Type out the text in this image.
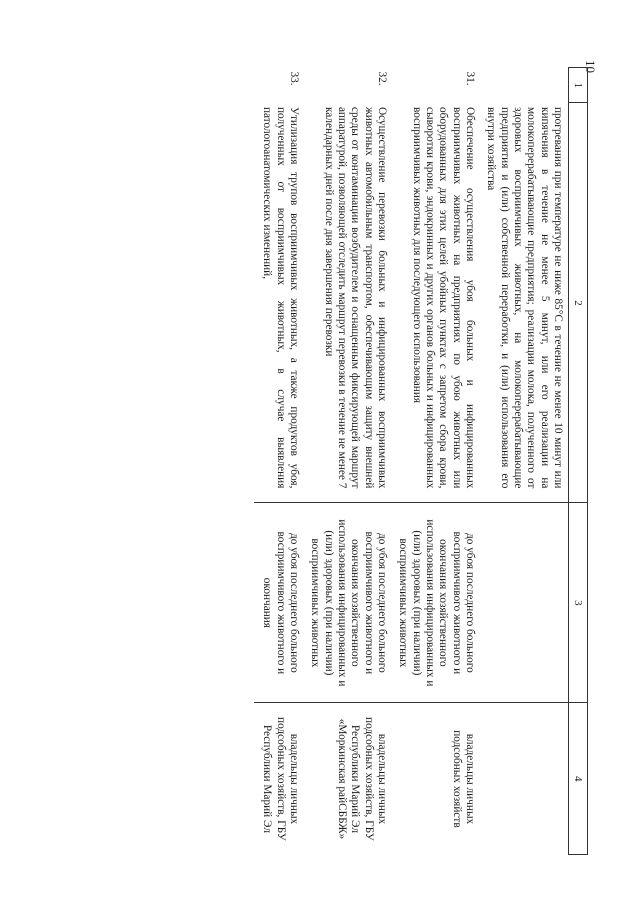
10
1	2	3	4
	прогревания при температуре не ниже 85°С в течение не менее 10 минут или кипячения в течение не менее 5 минут, или его реализации на молокоперерабатывающие предприятия; реализации молока, полученного от здоровых восприимчивых животных, на молокоперерабатывающие предприятия и (или) собственной переработки, и (или) использования его внутри хозяйства		
31.	Обеспечение осуществления убоя больных и инфицированных восприимчивых животных на предприятиях по убою животных или оборудованных для этих целей убойных пунктах с запретом сбора крови, сыворотки крови, эндокринных и других органов больных и инфицированных восприимчивых животных для последующего использования	до убоя последнего больного восприимчивого животного и окончания хозяйственного использования инфицированных и (или) здоровых (при наличии) восприимчивых животных	владельцы личных подсобных хозяйств
32.	Осуществление перевозки больных и инфицированных восприимчивых животных автомобильным транспортом, обеспечивающим защиту внешней среды от контаминации возбудителем и оснащенным фиксирующей маршрут аппаратурой, позволяющей отследить маршрут перевозки в течение не менее 7 календарных дней после дня завершения перевозки	до убоя последнего больного восприимчивого животного и окончания хозяйственного использования инфицированных и (или) здоровых (при наличии) восприимчивых животных	владельцы личных подсобных хозяйств, ГБУ Республики Марий Эл «Моркинская райСББЖ»

33.	Утилизация трупов восприимчивых животных, а также продуктов убоя, полученных от восприимчивых животных, в случае выявления патологоанатомических изменений,	до убоя последнего больного восприимчивого животного и окончания	владельцы личных подсобных хозяйств, ГБУ Республики Марий Эл
